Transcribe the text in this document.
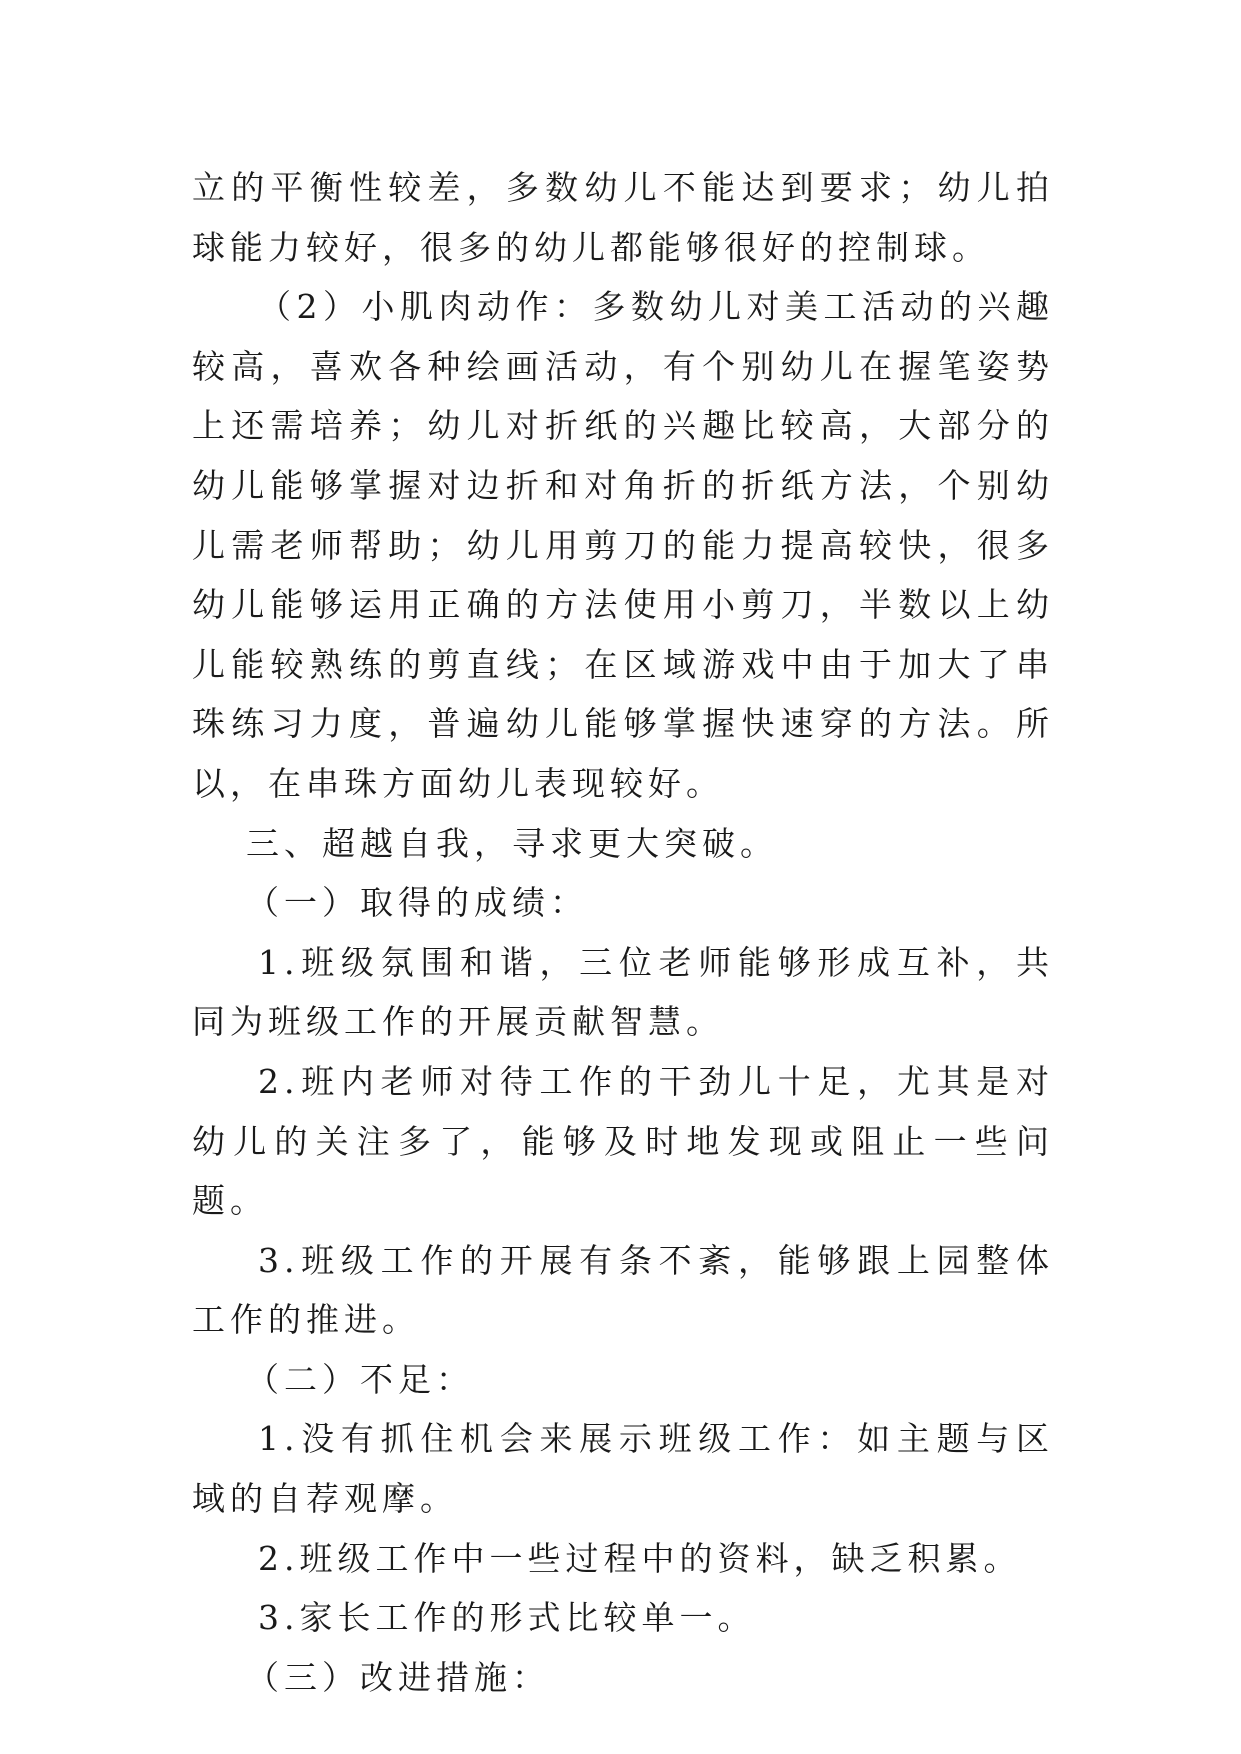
立的平衡性较差，多数幼儿不能达到要求；幼儿拍球能力较好，很多的幼儿都能够很好的控制球。

（2）小肌肉动作：多数幼儿对美工活动的兴趣较高，喜欢各种绘画活动，有个别幼儿在握笔姿势上还需培养；幼儿对折纸的兴趣比较高，大部分的幼儿能够掌握对边折和对角折的折纸方法，个别幼儿需老师帮助；幼儿用剪刀的能力提高较快，很多幼儿能够运用正确的方法使用小剪刀，半数以上幼儿能较熟练的剪直线；在区域游戏中由于加大了串珠练习力度，普遍幼儿能够掌握快速穿的方法。所以，在串珠方面幼儿表现较好。

三、超越自我，寻求更大突破。

（一）取得的成绩：

1.班级氛围和谐，三位老师能够形成互补，共同为班级工作的开展贡献智慧。

2.班内老师对待工作的干劲儿十足，尤其是对幼儿的关注多了，能够及时地发现或阻止一些问题。

3.班级工作的开展有条不紊，能够跟上园整体工作的推进。

（二）不足：

1.没有抓住机会来展示班级工作：如主题与区域的自荐观摩。

2.班级工作中一些过程中的资料，缺乏积累。

3.家长工作的形式比较单一。

（三）改进措施：
